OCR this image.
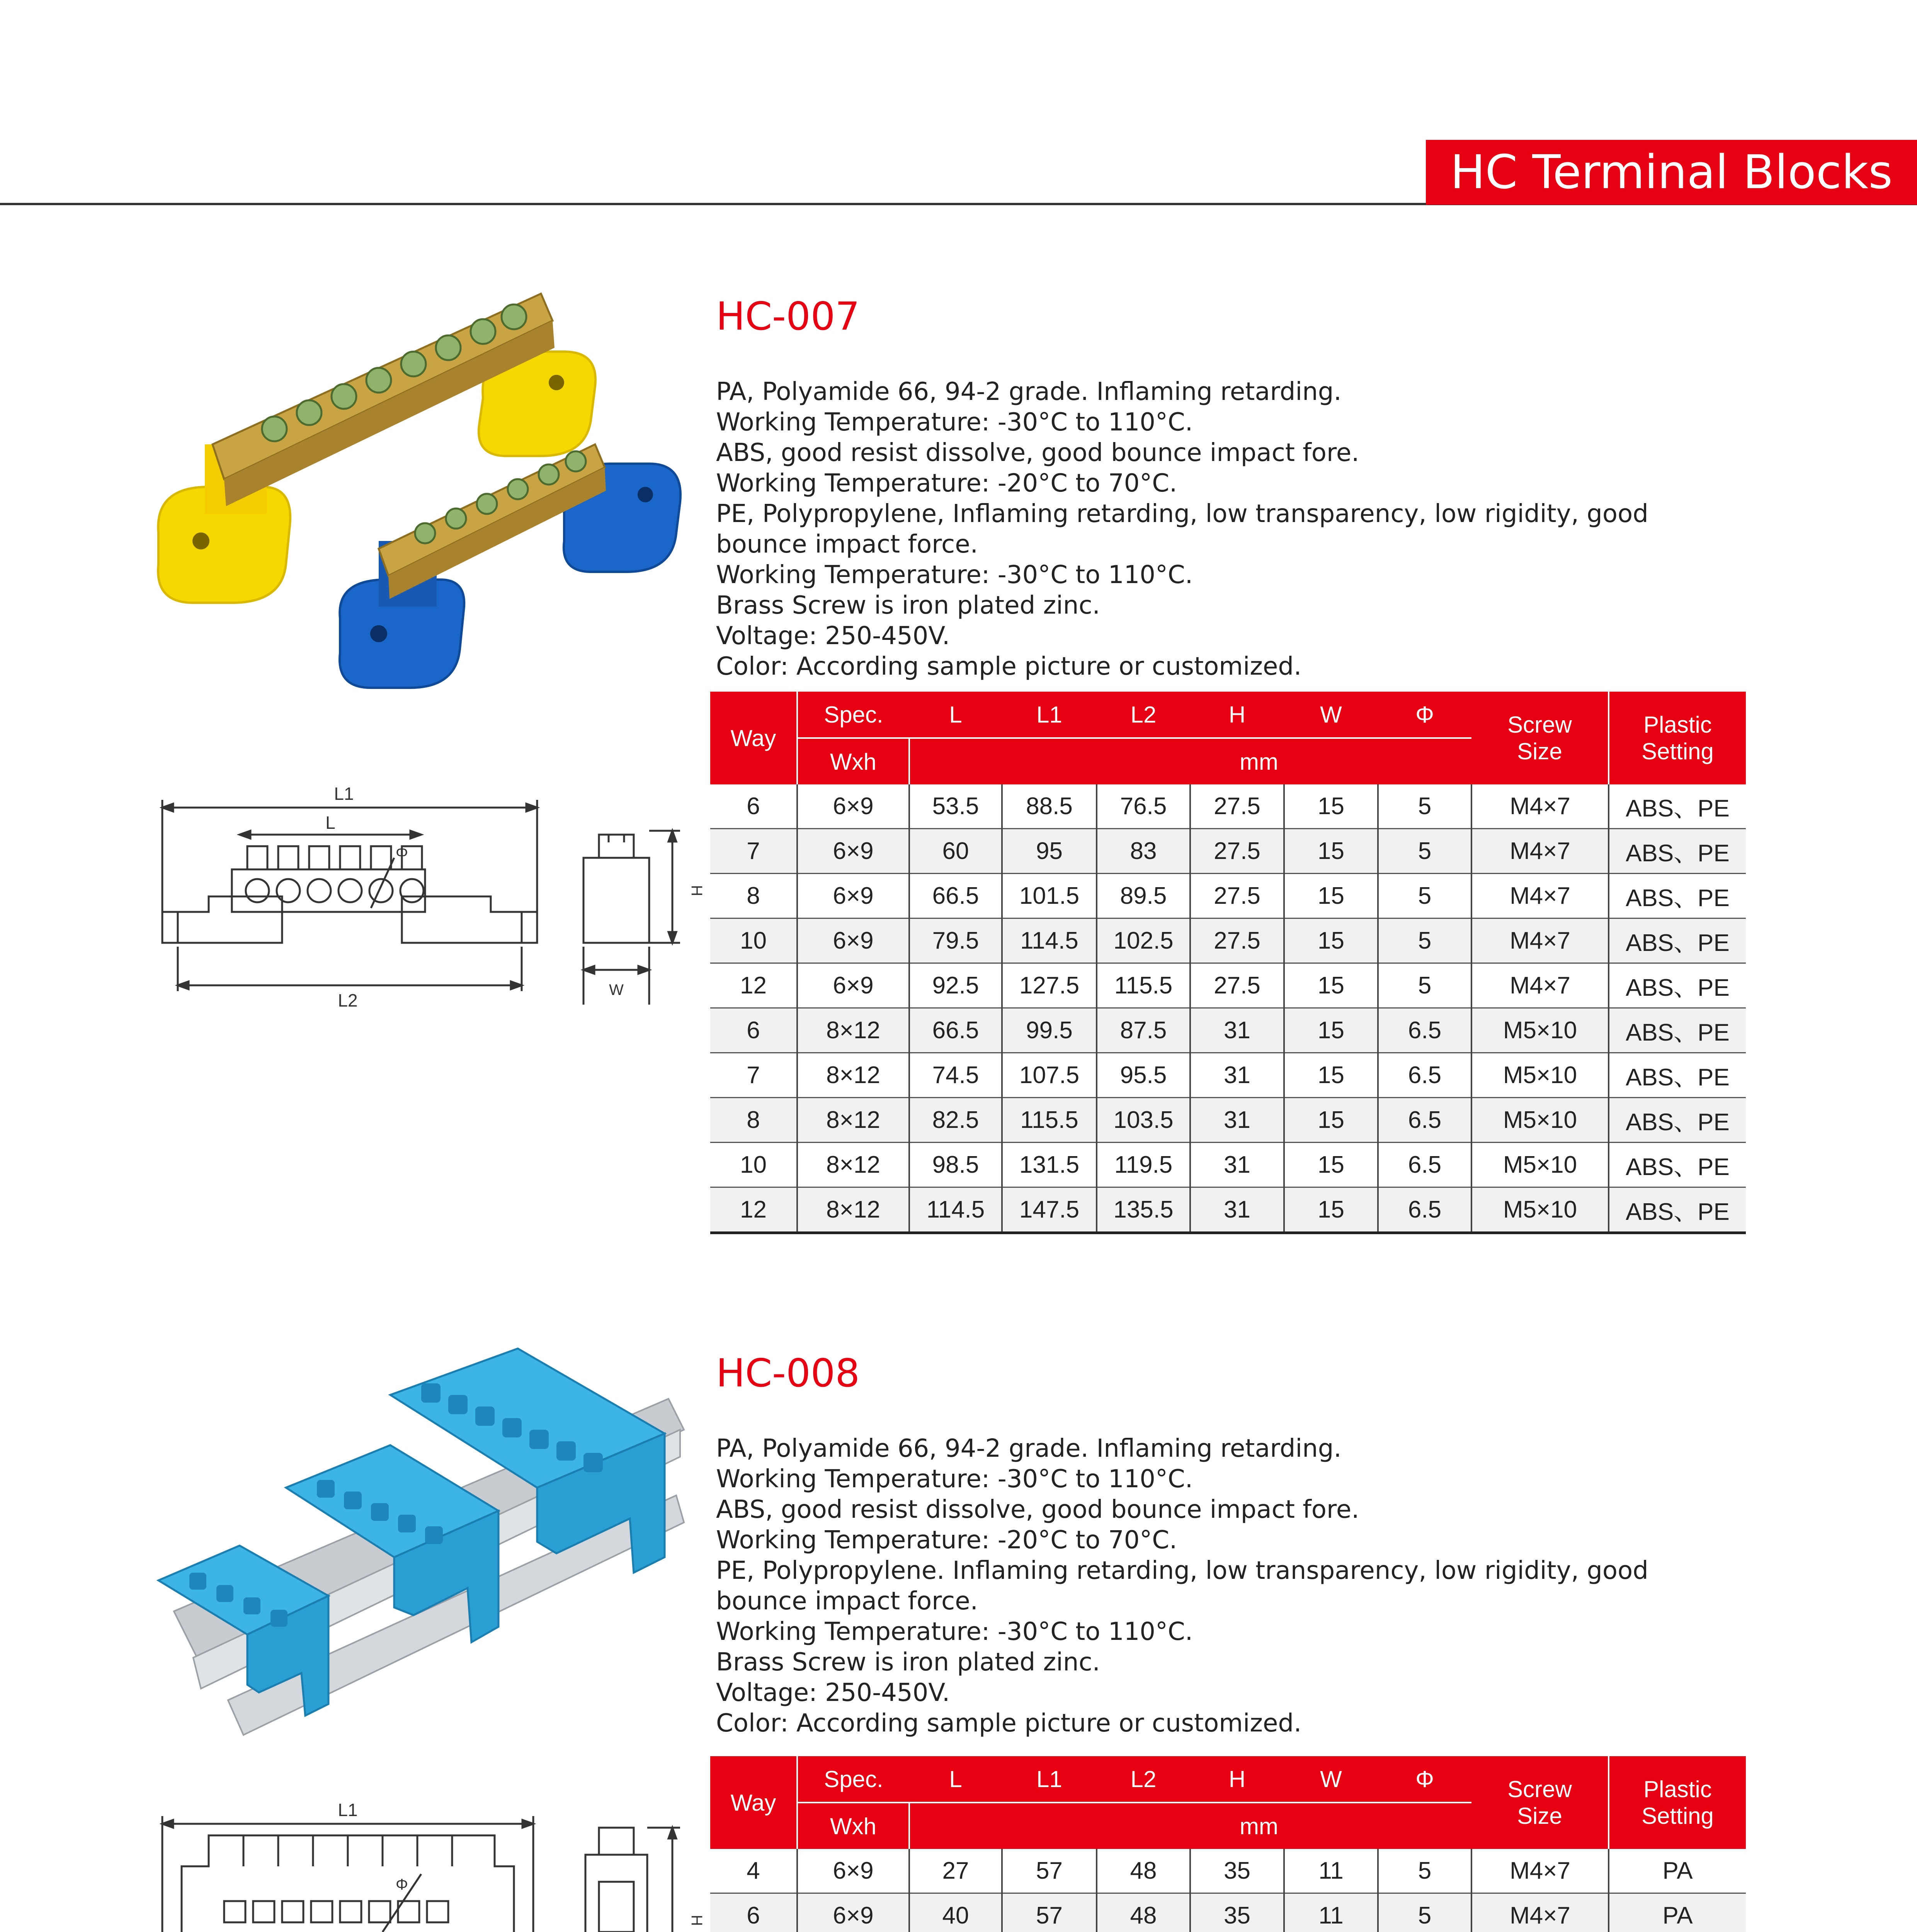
HC Terminal Blocks
HC-007

PA, Polyamide 66, 94-2 grade. Inflaming retarding.

Working Temperature: -30°C to 110°C.

ABS, good resist dissolve, good bounce impact fore.

Working Temperature: -20°C to 70°C.

PE, Polypropylene, Inflaming retarding, low transparency, low rigidity, good

bounce impact force.

Working Temperature: -30°C to 110°C.

Brass Screw is iron plated zinc.

Voltage: 250-450V.

Color: According sample picture or customized.

L1
L
Φ
L2
H
W
Way	Spec.	L	L1	L2	H	W	Φ	Screw Size	Plastic Setting
	Wxh	mm							
6	6×9	53.5	88.5	76.5	27.5	15	5	M4×7	ABS、PE
7	6×9	60	95	83	27.5	15	5	M4×7	ABS、PE
8	6×9	66.5	101.5	89.5	27.5	15	5	M4×7	ABS、PE
10	6×9	79.5	114.5	102.5	27.5	15	5	M4×7	ABS、PE
12	6×9	92.5	127.5	115.5	27.5	15	5	M4×7	ABS、PE
6	8×12	66.5	99.5	87.5	31	15	6.5	M5×10	ABS、PE
7	8×12	74.5	107.5	95.5	31	15	6.5	M5×10	ABS、PE
8	8×12	82.5	115.5	103.5	31	15	6.5	M5×10	ABS、PE
10	8×12	98.5	131.5	119.5	31	15	6.5	M5×10	ABS、PE
12	8×12	114.5	147.5	135.5	31	15	6.5	M5×10	ABS、PE
HC-008

PA, Polyamide 66, 94-2 grade. Inflaming retarding.

Working Temperature: -30°C to 110°C.

ABS, good resist dissolve, good bounce impact fore.

Working Temperature: -20°C to 70°C.

PE, Polypropylene. Inflaming retarding, low transparency, low rigidity, good

bounce impact force.

Working Temperature: -30°C to 110°C.

Brass Screw is iron plated zinc.

Voltage: 250-450V.

Color: According sample picture or customized.

L1
Φ
H
Way	Spec.	L	L1	L2	H	W	Φ	Screw Size	Plastic Setting
	Wxh	mm							
4	6×9	27	57	48	35	11	5	M4×7	PA
6	6×9	40	57	48	35	11	5	M4×7	PA
